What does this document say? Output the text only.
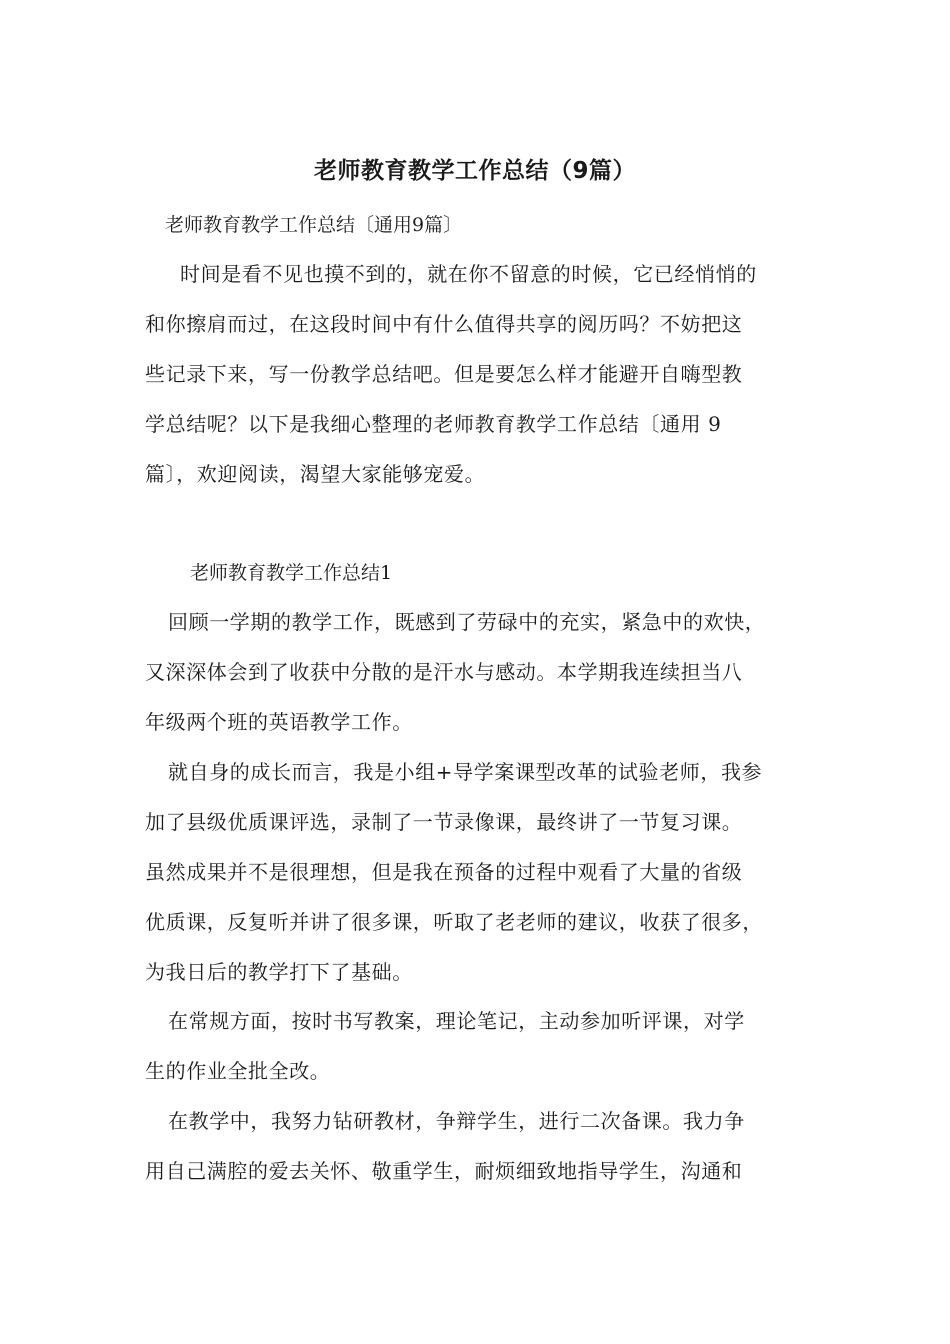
老师教育教学工作总结（9篇）
老师教育教学工作总结〔通用9篇〕
时间是看不见也摸不到的，就在你不留意的时候，它已经悄悄的
和你擦肩而过，在这段时间中有什么值得共享的阅历吗？不妨把这
些记录下来，写一份教学总结吧。但是要怎么样才能避开自嗨型教
学总结呢？以下是我细心整理的老师教育教学工作总结〔通用 9
篇〕，欢迎阅读，渴望大家能够宠爱。
老师教育教学工作总结1
回顾一学期的教学工作，既感到了劳碌中的充实，紧急中的欢快，
又深深体会到了收获中分散的是汗水与感动。本学期我连续担当八
年级两个班的英语教学工作。
就自身的成长而言，我是小组+导学案课型改革的试验老师，我参
加了县级优质课评选，录制了一节录像课，最终讲了一节复习课。
虽然成果并不是很理想，但是我在预备的过程中观看了大量的省级
优质课，反复听并讲了很多课，听取了老老师的建议，收获了很多，
为我日后的教学打下了基础。
在常规方面，按时书写教案，理论笔记，主动参加听评课，对学
生的作业全批全改。
在教学中，我努力钻研教材，争辩学生，进行二次备课。我力争
用自己满腔的爱去关怀、敬重学生，耐烦细致地指导学生，沟通和
